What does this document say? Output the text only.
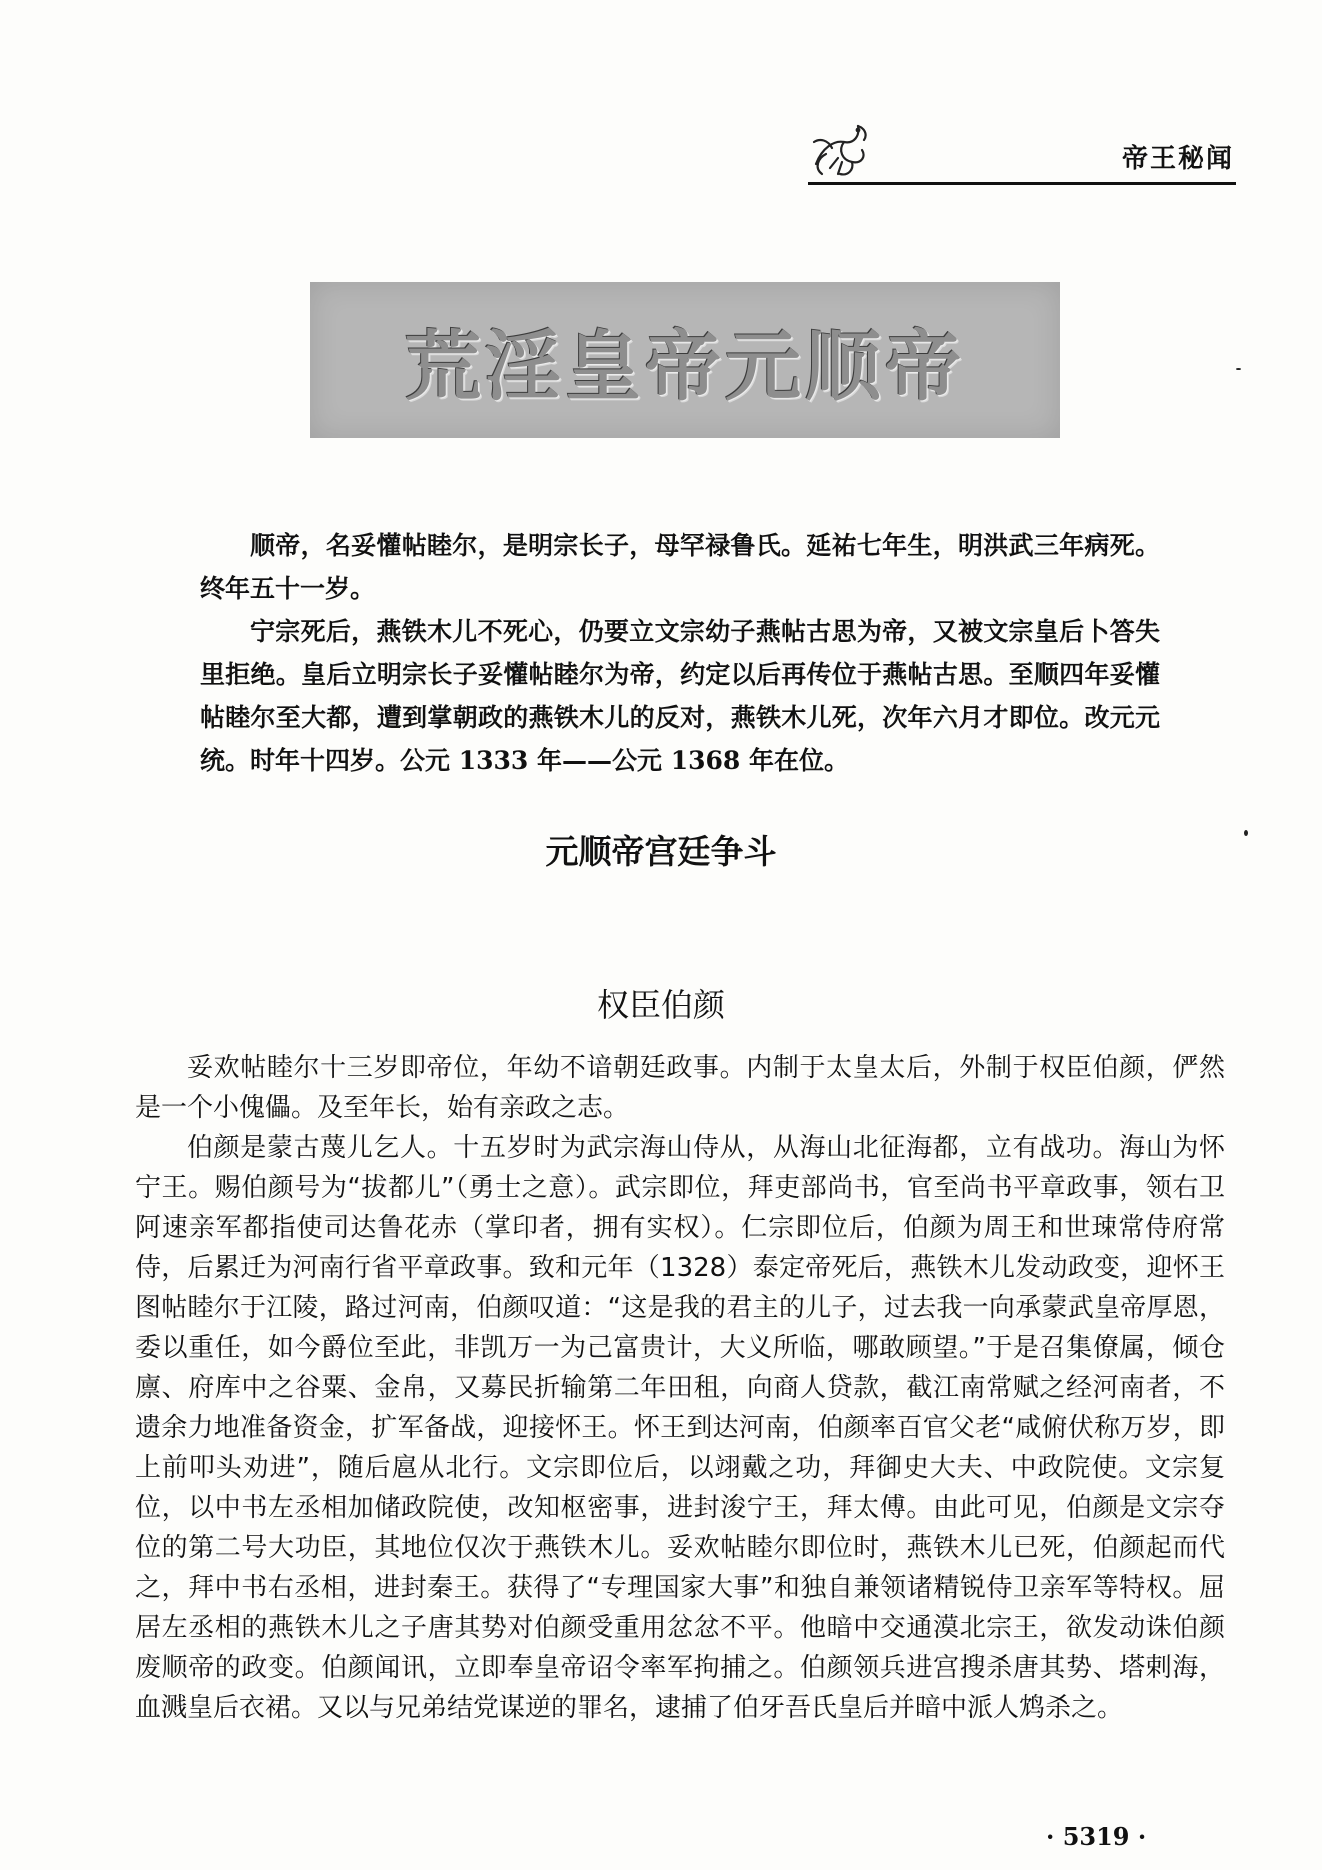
帝王秘闻
荒淫皇帝元顺帝

顺帝，名妥懽帖睦尔，是明宗长子，母罕禄鲁氏。延祐七年生，明洪武三年病死。终年五十一岁。

宁宗死后，燕铁木儿不死心，仍要立文宗幼子燕帖古思为帝，又被文宗皇后卜答失里拒绝。皇后立明宗长子妥懽帖睦尔为帝，约定以后再传位于燕帖古思。至顺四年妥懽帖睦尔至大都，遭到掌朝政的燕铁木儿的反对，燕铁木儿死，次年六月才即位。改元元统。时年十四岁。公元 1333 年——公元 1368 年在位。

元顺帝宫廷争斗
权臣伯颜

妥欢帖睦尔十三岁即帝位，年幼不谙朝廷政事。内制于太皇太后，外制于权臣伯颜，俨然是一个小傀儡。及至年长，始有亲政之志。

伯颜是蒙古蔑儿乞人。十五岁时为武宗海山侍从，从海山北征海都，立有战功。海山为怀宁王。赐伯颜号为“拔都儿”（勇士之意）。武宗即位，拜吏部尚书，官至尚书平章政事，领右卫阿速亲军都指使司达鲁花赤（掌印者，拥有实权）。仁宗即位后，伯颜为周王和世㻋常侍府常侍，后累迁为河南行省平章政事。致和元年（1328）泰定帝死后，燕铁木儿发动政变，迎怀王图帖睦尔于江陵，路过河南，伯颜叹道：“这是我的君主的儿子，过去我一向承蒙武皇帝厚恩，委以重任，如今爵位至此，非凯万一为己富贵计，大义所临，哪敢顾望。”于是召集僚属，倾仓廪、府库中之谷粟、金帛，又募民折输第二年田租，向商人贷款，截江南常赋之经河南者，不遗余力地准备资金，扩军备战，迎接怀王。怀王到达河南，伯颜率百官父老“咸俯伏称万岁，即上前叩头劝进”，随后扈从北行。文宗即位后，以翊戴之功，拜御史大夫、中政院使。文宗复位，以中书左丞相加储政院使，改知枢密事，进封浚宁王，拜太傅。由此可见，伯颜是文宗夺位的第二号大功臣，其地位仅次于燕铁木儿。妥欢帖睦尔即位时，燕铁木儿已死，伯颜起而代之，拜中书右丞相，进封秦王。获得了“专理国家大事”和独自兼领诸精锐侍卫亲军等特权。屈居左丞相的燕铁木儿之子唐其势对伯颜受重用忿忿不平。他暗中交通漠北宗王，欲发动诛伯颜废顺帝的政变。伯颜闻讯，立即奉皇帝诏令率军拘捕之。伯颜领兵进宫搜杀唐其势、塔剌海，血溅皇后衣裙。又以与兄弟结党谋逆的罪名，逮捕了伯牙吾氏皇后并暗中派人鸩杀之。

· 5319 ·
